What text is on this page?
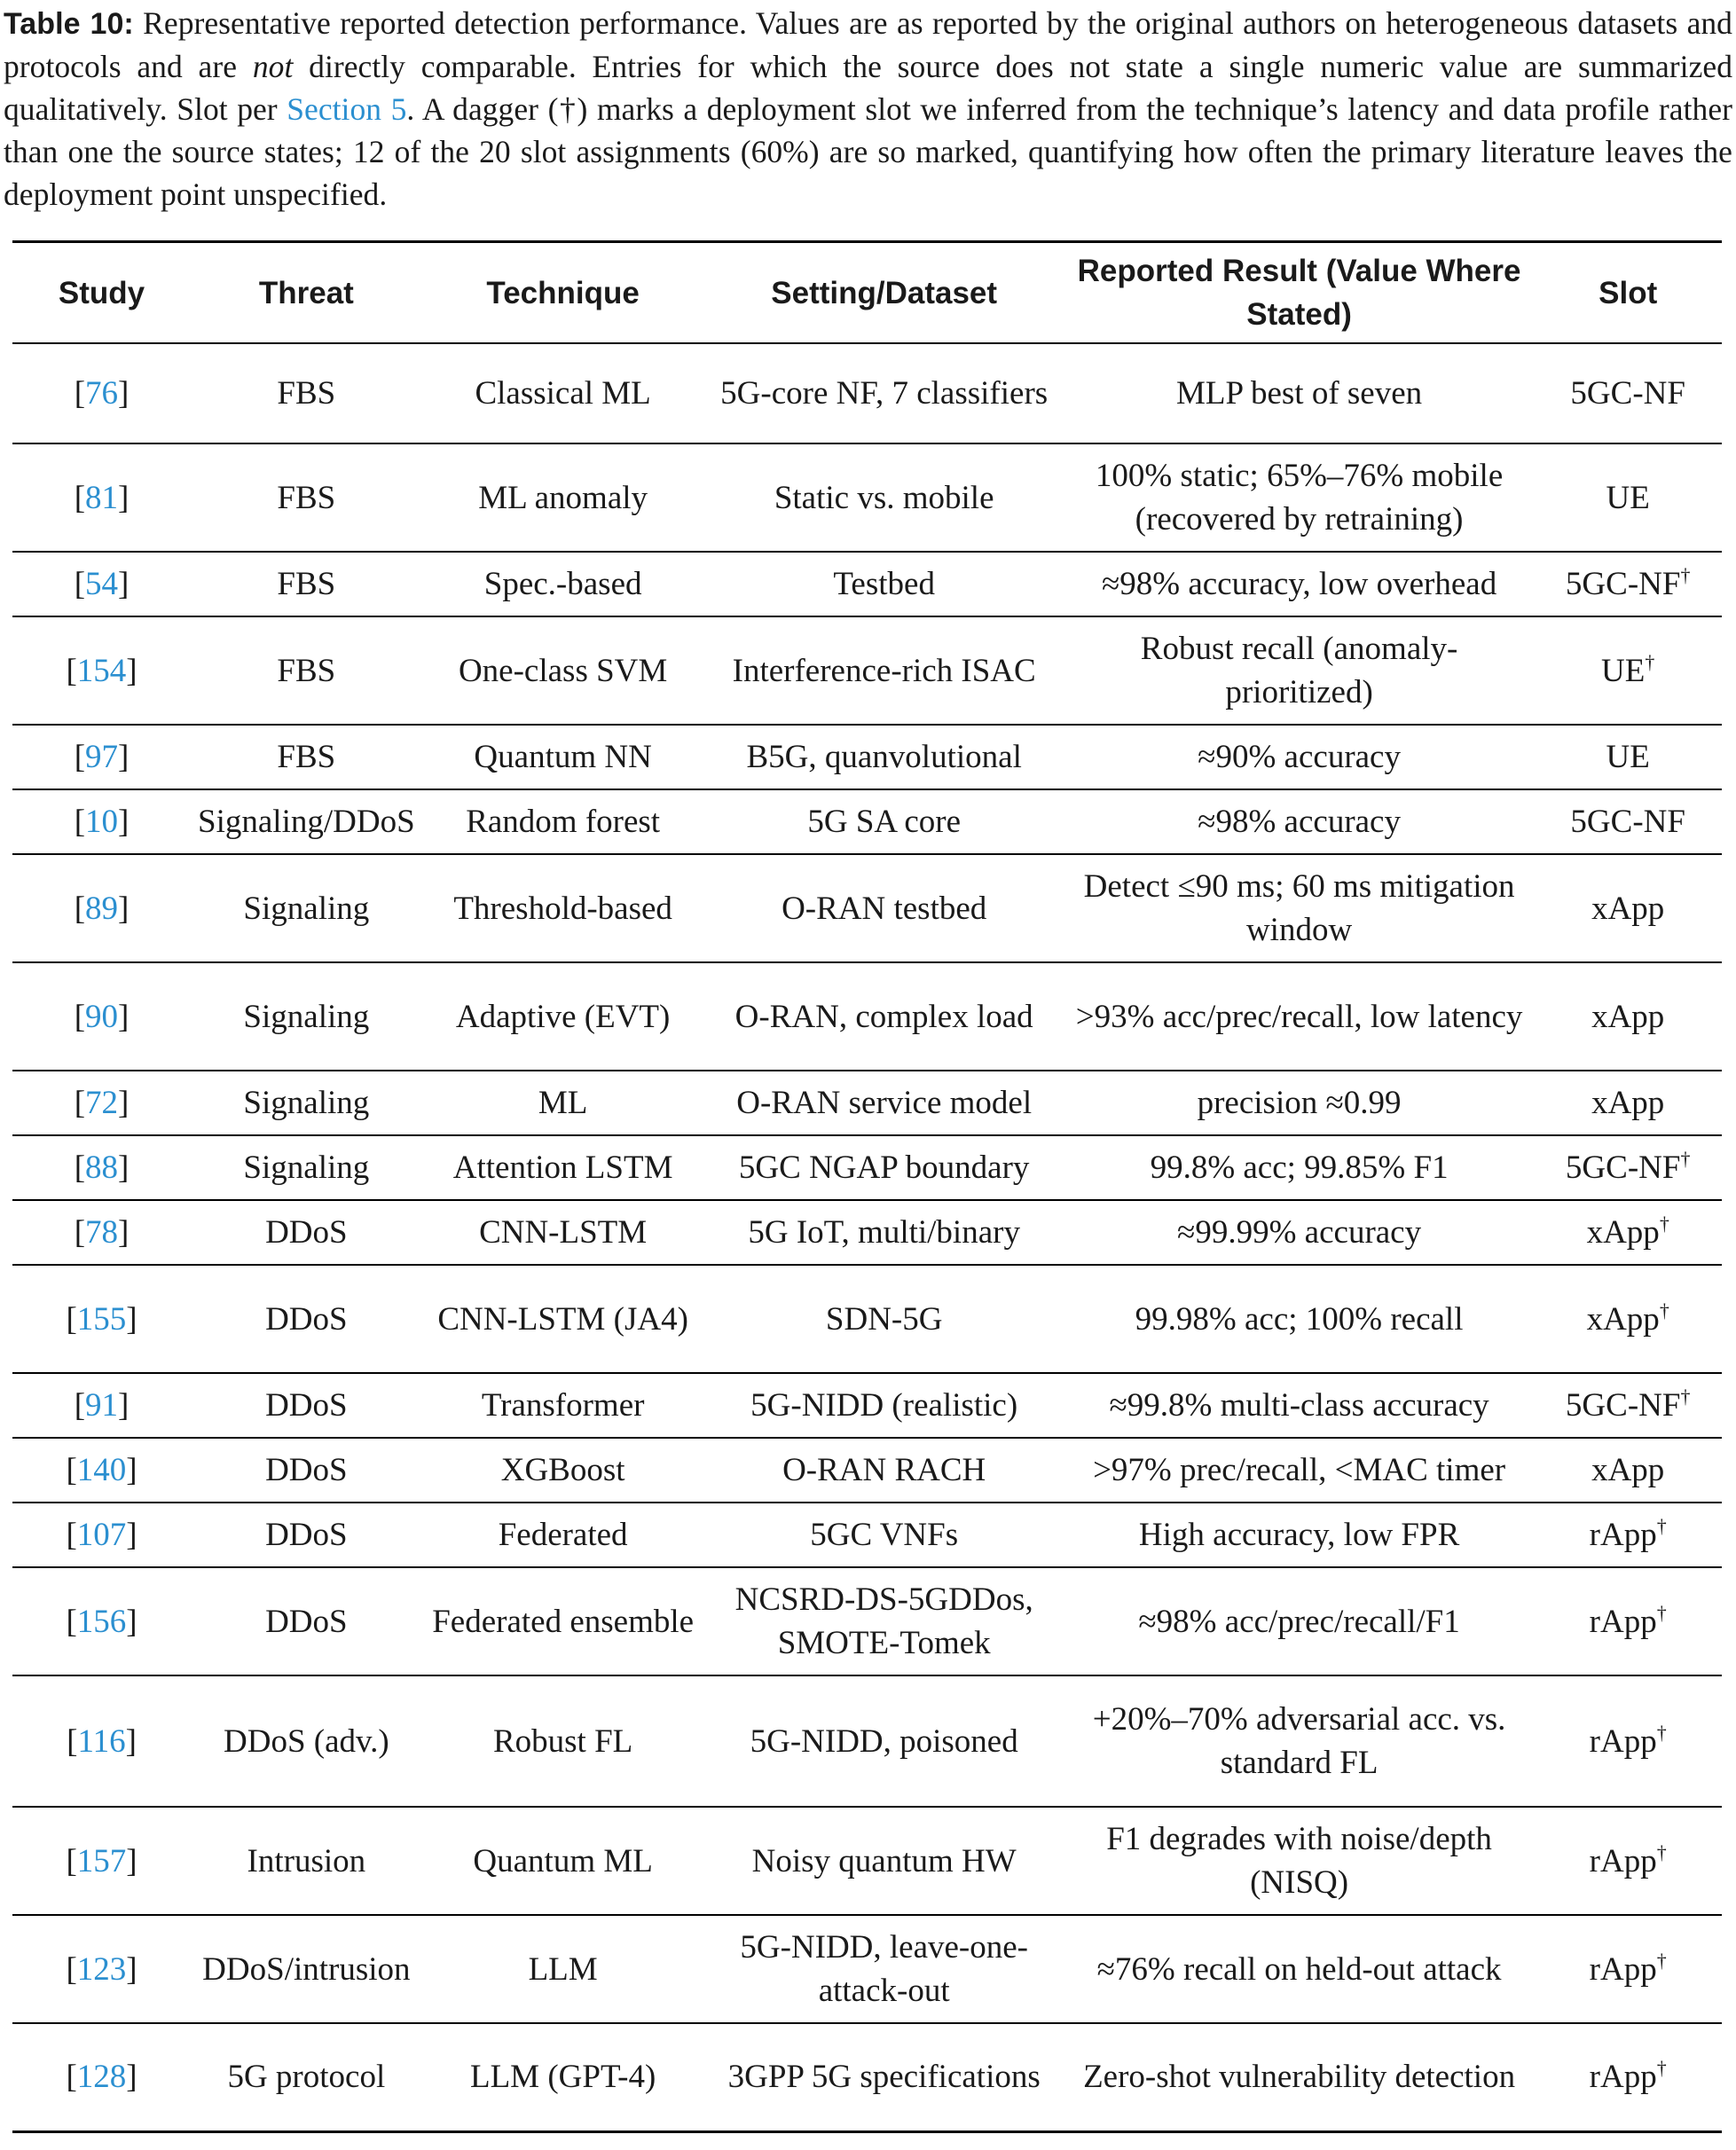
Table 10: Representative reported detection performance. Values are as reported by the original authors on heterogeneous datasets and protocols and are not directly comparable. Entries for which the source does not state a single numeric value are summarized qualitatively. Slot per Section 5. A dagger (†) marks a deployment slot we inferred from the technique’s latency and data profile rather than one the source states; 12 of the 20 slot assignments (60%) are so marked, quantifying how often the primary literature leaves the deployment point unspecified.

Study	Threat	Technique	Setting/Dataset	Reported Result (Value Where Stated)	Slot
[76]	FBS	Classical ML	5G-core NF, 7 classifiers	MLP best of seven	5GC-NF
[81]	FBS	ML anomaly	Static vs. mobile	100% static; 65%–76% mobile (recovered by retraining)	UE
[54]	FBS	Spec.-based	Testbed	≈98% accuracy, low overhead	5GC-NF†
[154]	FBS	One-class SVM	Interference-rich ISAC	Robust recall (anomaly-prioritized)	UE†
[97]	FBS	Quantum NN	B5G, quanvolutional	≈90% accuracy	UE
[10]	Signaling/DDoS	Random forest	5G SA core	≈98% accuracy	5GC-NF
[89]	Signaling	Threshold-based	O-RAN testbed	Detect ≤90 ms; 60 ms mitigation window	xApp
[90]	Signaling	Adaptive (EVT)	O-RAN, complex load	>93% acc/prec/recall, low latency	xApp
[72]	Signaling	ML	O-RAN service model	precision ≈0.99	xApp
[88]	Signaling	Attention LSTM	5GC NGAP boundary	99.8% acc; 99.85% F1	5GC-NF†
[78]	DDoS	CNN-LSTM	5G IoT, multi/binary	≈99.99% accuracy	xApp†
[155]	DDoS	CNN-LSTM (JA4)	SDN-5G	99.98% acc; 100% recall	xApp†
[91]	DDoS	Transformer	5G-NIDD (realistic)	≈99.8% multi-class accuracy	5GC-NF†
[140]	DDoS	XGBoost	O-RAN RACH	>97% prec/recall, <MAC timer	xApp
[107]	DDoS	Federated	5GC VNFs	High accuracy, low FPR	rApp†
[156]	DDoS	Federated ensemble	NCSRD-DS-5GDDos, SMOTE-Tomek	≈98% acc/prec/recall/F1	rApp†
[116]	DDoS (adv.)	Robust FL	5G-NIDD, poisoned	+20%–70% adversarial acc. vs. standard FL	rApp†
[157]	Intrusion	Quantum ML	Noisy quantum HW	F1 degrades with noise/depth (NISQ)	rApp†
[123]	DDoS/intrusion	LLM	5G-NIDD, leave-one-attack-out	≈76% recall on held-out attack	rApp†
[128]	5G protocol	LLM (GPT-4)	3GPP 5G specifications	Zero-shot vulnerability detection	rApp†
